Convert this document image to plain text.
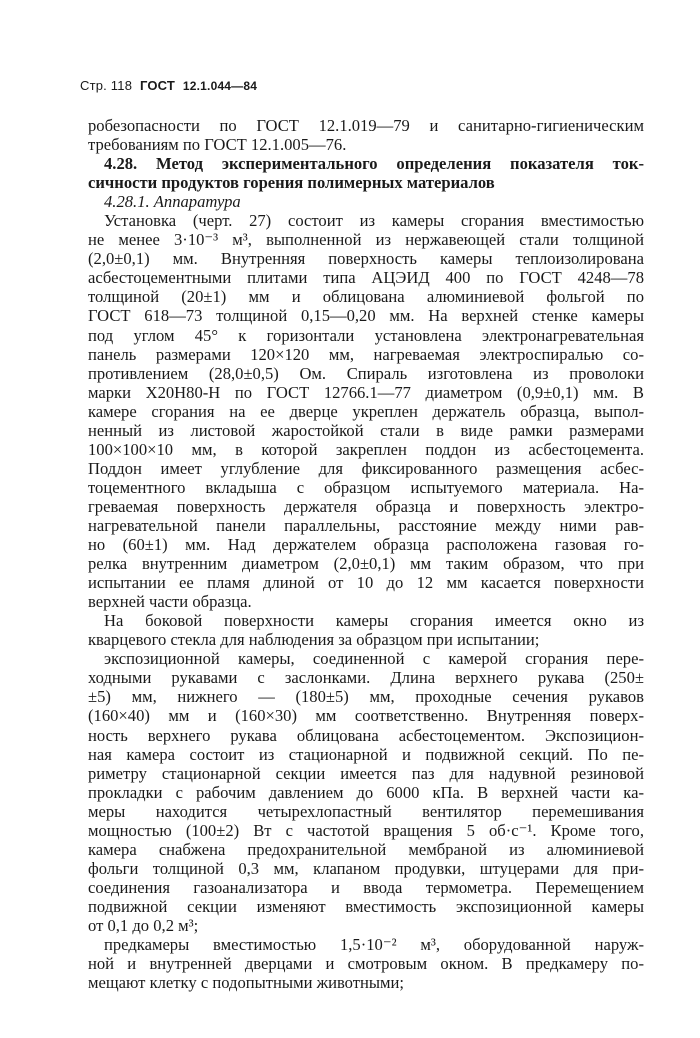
Стр. 118 ГОСТ 12.1.044—84
робезопасности по ГОСТ 12.1.019—79 и санитарно-гигиеническим
требованиям по ГОСТ 12.1.005—76.
4.28. Метод экспериментального определения показателя ток-
сичности продуктов горения полимерных материалов
4.28.1. Аппаратура
Установка (черт. 27) состоит из камеры сгорания вместимостью
не менее 3·10⁻³ м³, выполненной из нержавеющей стали толщиной
(2,0±0,1) мм. Внутренняя поверхность камеры теплоизолирована
асбестоцементными плитами типа АЦЭИД 400 по ГОСТ 4248—78
толщиной (20±1) мм и облицована алюминиевой фольгой по
ГОСТ 618—73 толщиной 0,15—0,20 мм. На верхней стенке камеры
под углом 45° к горизонтали установлена электронагревательная
панель размерами 120×120 мм, нагреваемая электроспиралью со-
противлением (28,0±0,5) Ом. Спираль изготовлена из проволоки
марки Х20Н80-Н по ГОСТ 12766.1—77 диаметром (0,9±0,1) мм. В
камере сгорания на ее дверце укреплен держатель образца, выпол-
ненный из листовой жаростойкой стали в виде рамки размерами
100×100×10 мм, в которой закреплен поддон из асбестоцемента.
Поддон имеет углубление для фиксированного размещения асбес-
тоцементного вкладыша с образцом испытуемого материала. На-
греваемая поверхность держателя образца и поверхность электро-
нагревательной панели параллельны, расстояние между ними рав-
но (60±1) мм. Над держателем образца расположена газовая го-
релка внутренним диаметром (2,0±0,1) мм таким образом, что при
испытании ее пламя длиной от 10 до 12 мм касается поверхности
верхней части образца.
На боковой поверхности камеры сгорания имеется окно из
кварцевого стекла для наблюдения за образцом при испытании;
экспозиционной камеры, соединенной с камерой сгорания пере-
ходными рукавами с заслонками. Длина верхнего рукава (250±
±5) мм, нижнего — (180±5) мм, проходные сечения рукавов
(160×40) мм и (160×30) мм соответственно. Внутренняя поверх-
ность верхнего рукава облицована асбестоцементом. Экспозицион-
ная камера состоит из стационарной и подвижной секций. По пе-
риметру стационарной секции имеется паз для надувной резиновой
прокладки с рабочим давлением до 6000 кПа. В верхней части ка-
меры находится четырехлопастный вентилятор перемешивания
мощностью (100±2) Вт с частотой вращения 5 об·с⁻¹. Кроме того,
камера снабжена предохранительной мембраной из алюминиевой
фольги толщиной 0,3 мм, клапаном продувки, штуцерами для при-
соединения газоанализатора и ввода термометра. Перемещением
подвижной секции изменяют вместимость экспозиционной камеры
от 0,1 до 0,2 м³;
предкамеры вместимостью 1,5·10⁻² м³, оборудованной наруж-
ной и внутренней дверцами и смотровым окном. В предкамеру по-
мещают клетку с подопытными животными;
